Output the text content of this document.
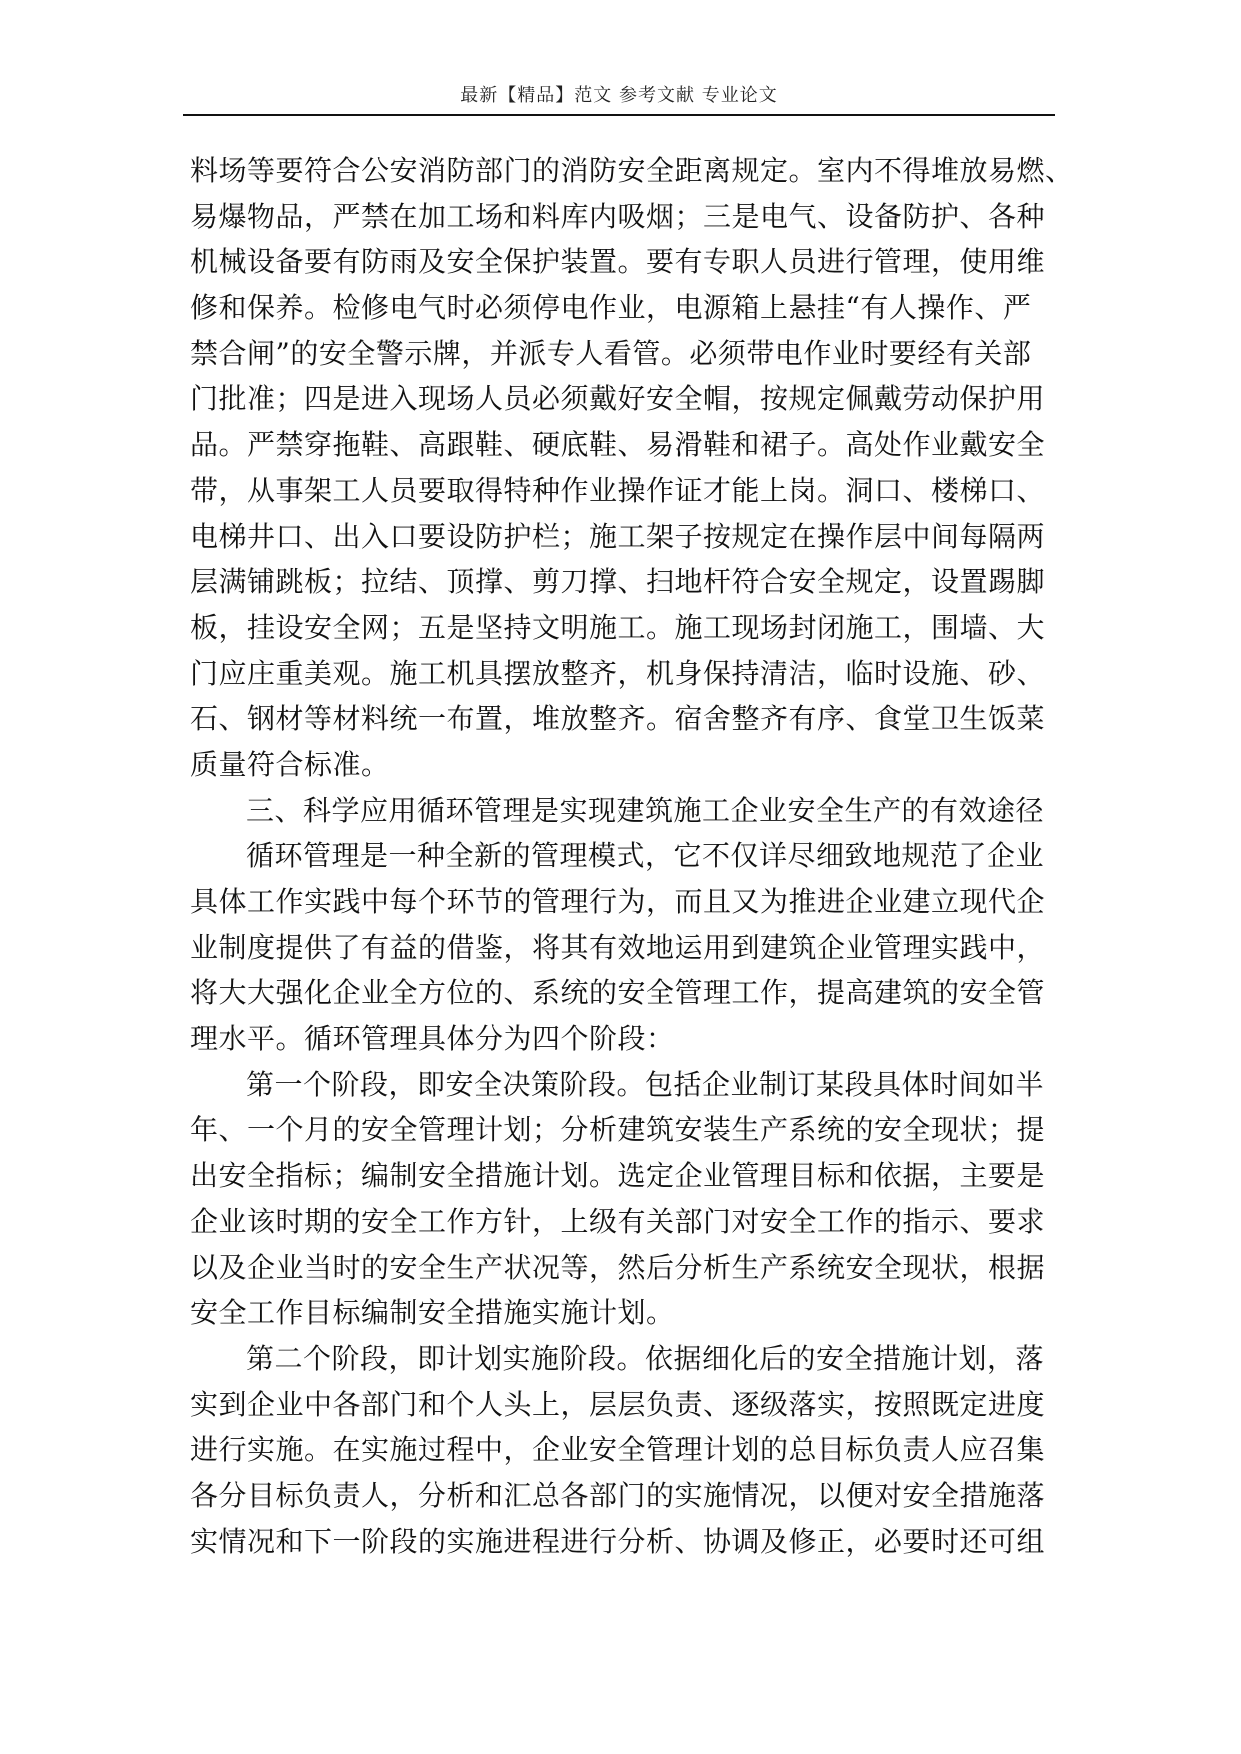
最新【精品】范文 参考文献 专业论文
料场等要符合公安消防部门的消防安全距离规定。室内不得堆放易燃、
易爆物品，严禁在加工场和料库内吸烟；三是电气、设备防护、各种
机械设备要有防雨及安全保护装置。要有专职人员进行管理，使用维
修和保养。检修电气时必须停电作业，电源箱上悬挂“有人操作、严
禁合闸”的安全警示牌，并派专人看管。必须带电作业时要经有关部
门批准；四是进入现场人员必须戴好安全帽，按规定佩戴劳动保护用
品。严禁穿拖鞋、高跟鞋、硬底鞋、易滑鞋和裙子。高处作业戴安全
带，从事架工人员要取得特种作业操作证才能上岗。洞口、楼梯口、
电梯井口、出入口要设防护栏；施工架子按规定在操作层中间每隔两
层满铺跳板；拉结、顶撑、剪刀撑、扫地杆符合安全规定，设置踢脚
板，挂设安全网；五是坚持文明施工。施工现场封闭施工，围墙、大
门应庄重美观。施工机具摆放整齐，机身保持清洁，临时设施、砂、
石、钢材等材料统一布置，堆放整齐。宿舍整齐有序、食堂卫生饭菜
质量符合标准。
三、科学应用循环管理是实现建筑施工企业安全生产的有效途径
循环管理是一种全新的管理模式，它不仅详尽细致地规范了企业
具体工作实践中每个环节的管理行为，而且又为推进企业建立现代企
业制度提供了有益的借鉴，将其有效地运用到建筑企业管理实践中，
将大大强化企业全方位的、系统的安全管理工作，提高建筑的安全管
理水平。循环管理具体分为四个阶段：
第一个阶段，即安全决策阶段。包括企业制订某段具体时间如半
年、一个月的安全管理计划；分析建筑安装生产系统的安全现状；提
出安全指标；编制安全措施计划。选定企业管理目标和依据，主要是
企业该时期的安全工作方针，上级有关部门对安全工作的指示、要求
以及企业当时的安全生产状况等，然后分析生产系统安全现状，根据
安全工作目标编制安全措施实施计划。
第二个阶段，即计划实施阶段。依据细化后的安全措施计划，落
实到企业中各部门和个人头上，层层负责、逐级落实，按照既定进度
进行实施。在实施过程中，企业安全管理计划的总目标负责人应召集
各分目标负责人，分析和汇总各部门的实施情况，以便对安全措施落
实情况和下一阶段的实施进程进行分析、协调及修正，必要时还可组
